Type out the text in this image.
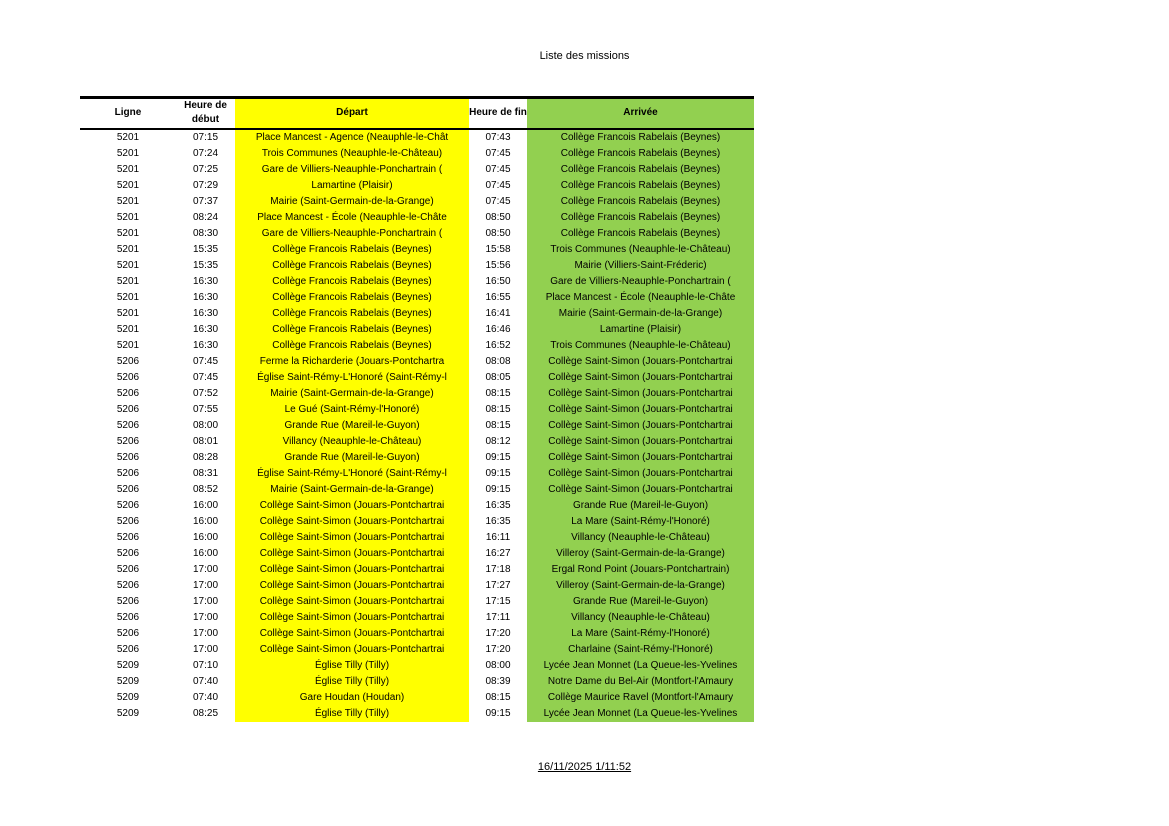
Liste des missions
Ligne	Heure de début	Départ	Heure de fin	Arrivée
5201	07:15	Place Mancest - Agence (Neauphle-le-Chât	07:43	Collège Francois Rabelais (Beynes)
5201	07:24	Trois Communes (Neauphle-le-Château)	07:45	Collège Francois Rabelais (Beynes)
5201	07:25	Gare de Villiers-Neauphle-Ponchartrain (	07:45	Collège Francois Rabelais (Beynes)
5201	07:29	Lamartine (Plaisir)	07:45	Collège Francois Rabelais (Beynes)
5201	07:37	Mairie (Saint-Germain-de-la-Grange)	07:45	Collège Francois Rabelais (Beynes)
5201	08:24	Place Mancest - École (Neauphle-le-Châte	08:50	Collège Francois Rabelais (Beynes)
5201	08:30	Gare de Villiers-Neauphle-Ponchartrain (	08:50	Collège Francois Rabelais (Beynes)
5201	15:35	Collège Francois Rabelais (Beynes)	15:58	Trois Communes (Neauphle-le-Château)
5201	15:35	Collège Francois Rabelais (Beynes)	15:56	Mairie (Villiers-Saint-Fréderic)
5201	16:30	Collège Francois Rabelais (Beynes)	16:50	Gare de Villiers-Neauphle-Ponchartrain (
5201	16:30	Collège Francois Rabelais (Beynes)	16:55	Place Mancest - École (Neauphle-le-Châte
5201	16:30	Collège Francois Rabelais (Beynes)	16:41	Mairie (Saint-Germain-de-la-Grange)
5201	16:30	Collège Francois Rabelais (Beynes)	16:46	Lamartine (Plaisir)
5201	16:30	Collège Francois Rabelais (Beynes)	16:52	Trois Communes (Neauphle-le-Château)
5206	07:45	Ferme la Richarderie (Jouars-Pontchartra	08:08	Collège Saint-Simon (Jouars-Pontchartrai
5206	07:45	Église Saint-Rémy-L'Honoré (Saint-Rémy-l	08:05	Collège Saint-Simon (Jouars-Pontchartrai
5206	07:52	Mairie (Saint-Germain-de-la-Grange)	08:15	Collège Saint-Simon (Jouars-Pontchartrai
5206	07:55	Le Gué (Saint-Rémy-l'Honoré)	08:15	Collège Saint-Simon (Jouars-Pontchartrai
5206	08:00	Grande Rue (Mareil-le-Guyon)	08:15	Collège Saint-Simon (Jouars-Pontchartrai
5206	08:01	Villancy (Neauphle-le-Château)	08:12	Collège Saint-Simon (Jouars-Pontchartrai
5206	08:28	Grande Rue (Mareil-le-Guyon)	09:15	Collège Saint-Simon (Jouars-Pontchartrai
5206	08:31	Église Saint-Rémy-L'Honoré (Saint-Rémy-l	09:15	Collège Saint-Simon (Jouars-Pontchartrai
5206	08:52	Mairie (Saint-Germain-de-la-Grange)	09:15	Collège Saint-Simon (Jouars-Pontchartrai
5206	16:00	Collège Saint-Simon (Jouars-Pontchartrai	16:35	Grande Rue (Mareil-le-Guyon)
5206	16:00	Collège Saint-Simon (Jouars-Pontchartrai	16:35	La Mare (Saint-Rémy-l'Honoré)
5206	16:00	Collège Saint-Simon (Jouars-Pontchartrai	16:11	Villancy (Neauphle-le-Château)
5206	16:00	Collège Saint-Simon (Jouars-Pontchartrai	16:27	Villeroy (Saint-Germain-de-la-Grange)
5206	17:00	Collège Saint-Simon (Jouars-Pontchartrai	17:18	Ergal Rond Point (Jouars-Pontchartrain)
5206	17:00	Collège Saint-Simon (Jouars-Pontchartrai	17:27	Villeroy (Saint-Germain-de-la-Grange)
5206	17:00	Collège Saint-Simon (Jouars-Pontchartrai	17:15	Grande Rue (Mareil-le-Guyon)
5206	17:00	Collège Saint-Simon (Jouars-Pontchartrai	17:11	Villancy (Neauphle-le-Château)
5206	17:00	Collège Saint-Simon (Jouars-Pontchartrai	17:20	La Mare (Saint-Rémy-l'Honoré)
5206	17:00	Collège Saint-Simon (Jouars-Pontchartrai	17:20	Charlaine (Saint-Rémy-l'Honoré)
5209	07:10	Église Tilly (Tilly)	08:00	Lycée Jean Monnet (La Queue-les-Yvelines
5209	07:40	Église Tilly (Tilly)	08:39	Notre Dame du Bel-Air (Montfort-l'Amaury
5209	07:40	Gare Houdan (Houdan)	08:15	Collège Maurice Ravel (Montfort-l'Amaury
5209	08:25	Église Tilly (Tilly)	09:15	Lycée Jean Monnet (La Queue-les-Yvelines
16/11/2025 1/11:52
